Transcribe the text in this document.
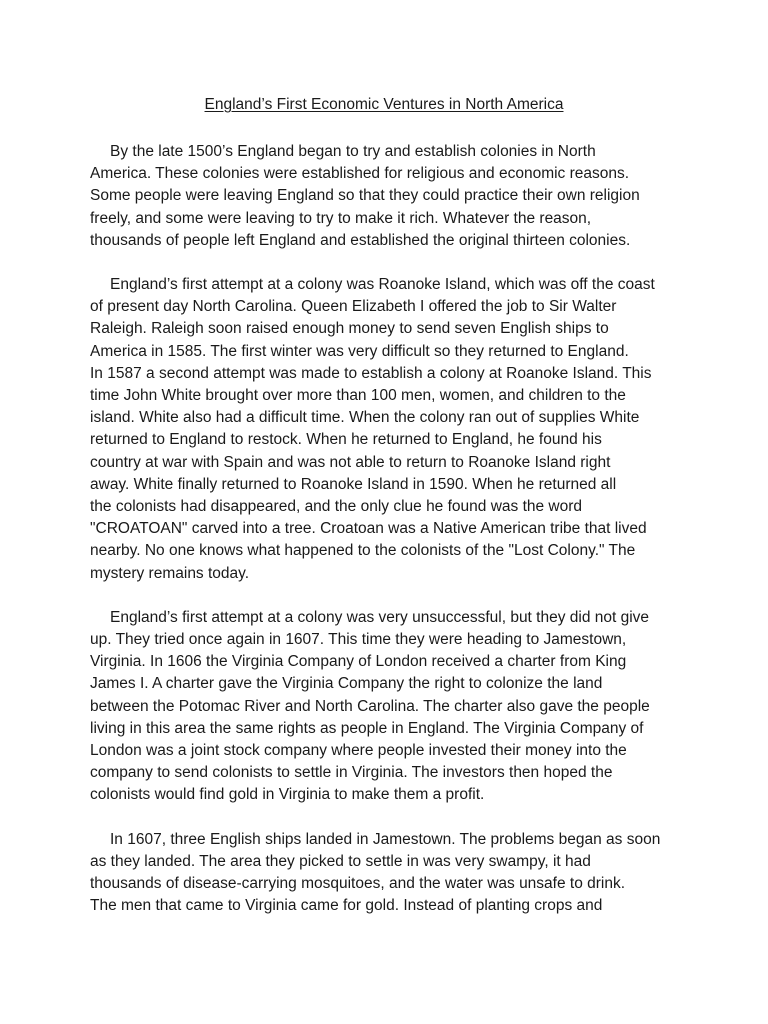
England’s First Economic Ventures in North America

By the late 1500’s England began to try and establish colonies in North
America. These colonies were established for religious and economic reasons.
Some people were leaving England so that they could practice their own religion
freely, and some were leaving to try to make it rich. Whatever the reason,
thousands of people left England and established the original thirteen colonies.

England’s first attempt at a colony was Roanoke Island, which was off the coast
of present day North Carolina. Queen Elizabeth I offered the job to Sir Walter
Raleigh. Raleigh soon raised enough money to send seven English ships to
America in 1585. The first winter was very difficult so they returned to England.
In 1587 a second attempt was made to establish a colony at Roanoke Island. This
time John White brought over more than 100 men, women, and children to the
island. White also had a difficult time. When the colony ran out of supplies White
returned to England to restock. When he returned to England, he found his
country at war with Spain and was not able to return to Roanoke Island right
away. White finally returned to Roanoke Island in 1590. When he returned all
the colonists had disappeared, and the only clue he found was the word
"CROATOAN" carved into a tree. Croatoan was a Native American tribe that lived
nearby. No one knows what happened to the colonists of the "Lost Colony." The
mystery remains today.

England’s first attempt at a colony was very unsuccessful, but they did not give
up. They tried once again in 1607. This time they were heading to Jamestown,
Virginia. In 1606 the Virginia Company of London received a charter from King
James I. A charter gave the Virginia Company the right to colonize the land
between the Potomac River and North Carolina. The charter also gave the people
living in this area the same rights as people in England. The Virginia Company of
London was a joint stock company where people invested their money into the
company to send colonists to settle in Virginia. The investors then hoped the
colonists would find gold in Virginia to make them a profit.

In 1607, three English ships landed in Jamestown. The problems began as soon
as they landed. The area they picked to settle in was very swampy, it had
thousands of disease-carrying mosquitoes, and the water was unsafe to drink.
The men that came to Virginia came for gold. Instead of planting crops and
